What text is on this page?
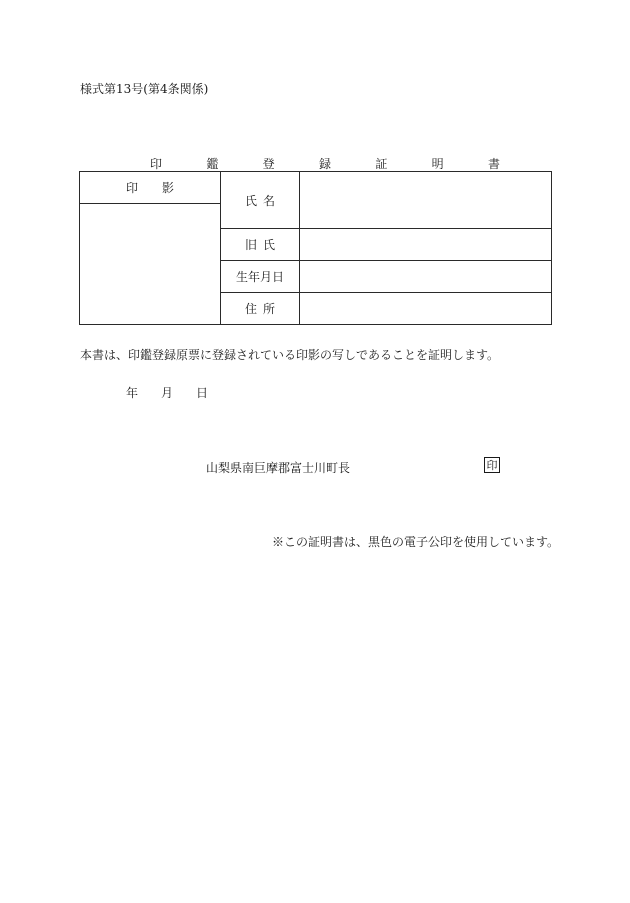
様式第13号(第4条関係)
印	鑑	登	録	証	明	書
印 影
氏 名
旧 氏
生年月日
住 所
本書は、印鑑登録原票に登録されている印影の写しであることを証明します。
年 月 日
山梨県南巨摩郡富士川町長	印
※この証明書は、黒色の電子公印を使用しています。
